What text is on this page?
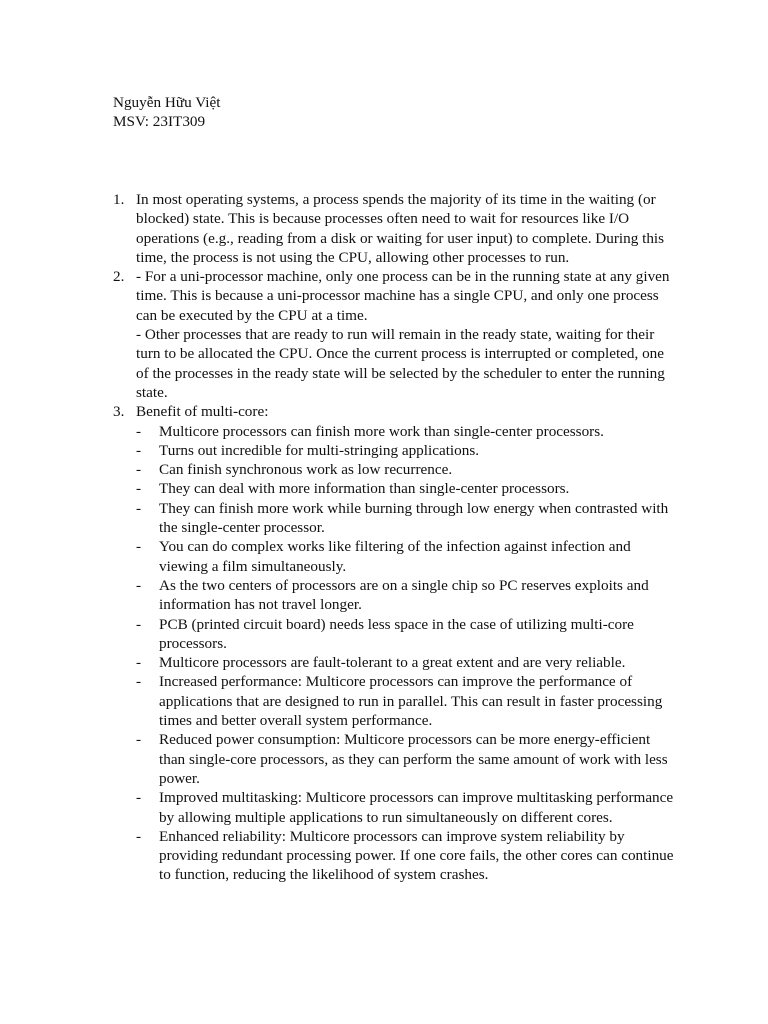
Nguyễn Hữu Việt
MSV: 23IT309
1. In most operating systems, a process spends the majority of its time in the waiting (or blocked) state. This is because processes often need to wait for resources like I/O operations (e.g., reading from a disk or waiting for user input) to complete. During this time, the process is not using the CPU, allowing other processes to run.
2. - For a uni-processor machine, only one process can be in the running state at any given time. This is because a uni-processor machine has a single CPU, and only one process can be executed by the CPU at a time.
- Other processes that are ready to run will remain in the ready state, waiting for their turn to be allocated the CPU. Once the current process is interrupted or completed, one of the processes in the ready state will be selected by the scheduler to enter the running state.
3. Benefit of multi-core:
- Multicore processors can finish more work than single-center processors.
- Turns out incredible for multi-stringing applications.
- Can finish synchronous work as low recurrence.
- They can deal with more information than single-center processors.
- They can finish more work while burning through low energy when contrasted with the single-center processor.
- You can do complex works like filtering of the infection against infection and viewing a film simultaneously.
- As the two centers of processors are on a single chip so PC reserves exploits and information has not travel longer.
- PCB (printed circuit board) needs less space in the case of utilizing multi-core processors.
- Multicore processors are fault-tolerant to a great extent and are very reliable.
- Increased performance: Multicore processors can improve the performance of applications that are designed to run in parallel. This can result in faster processing times and better overall system performance.
- Reduced power consumption: Multicore processors can be more energy-efficient than single-core processors, as they can perform the same amount of work with less power.
- Improved multitasking: Multicore processors can improve multitasking performance by allowing multiple applications to run simultaneously on different cores.
- Enhanced reliability: Multicore processors can improve system reliability by providing redundant processing power. If one core fails, the other cores can continue to function, reducing the likelihood of system crashes.
